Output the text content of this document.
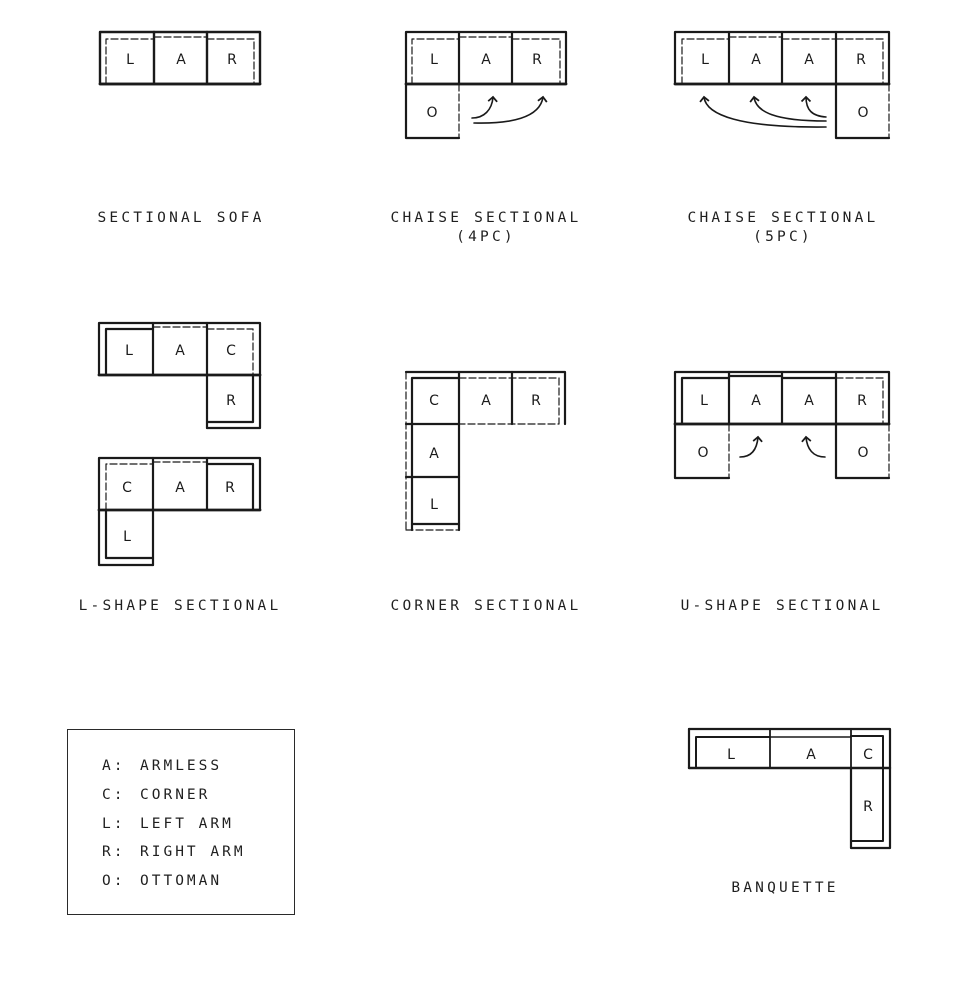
L	A	R	L	A	R
O
L	A	A	R
O
L	A	C
R
C	A	R
L
C	A	R
A
L
L	A	A	R
O	O
L	A	C
R
SECTIONAL SOFA	CHAISE SECTIONAL
(4PC)
CHAISE SECTIONAL
(5PC)
L-SHAPE SECTIONAL	CORNER SECTIONAL	U-SHAPE SECTIONAL
BANQUETTE
A: ARMLESS
C: CORNER
L: LEFT ARM
R: RIGHT ARM
O: OTTOMAN
